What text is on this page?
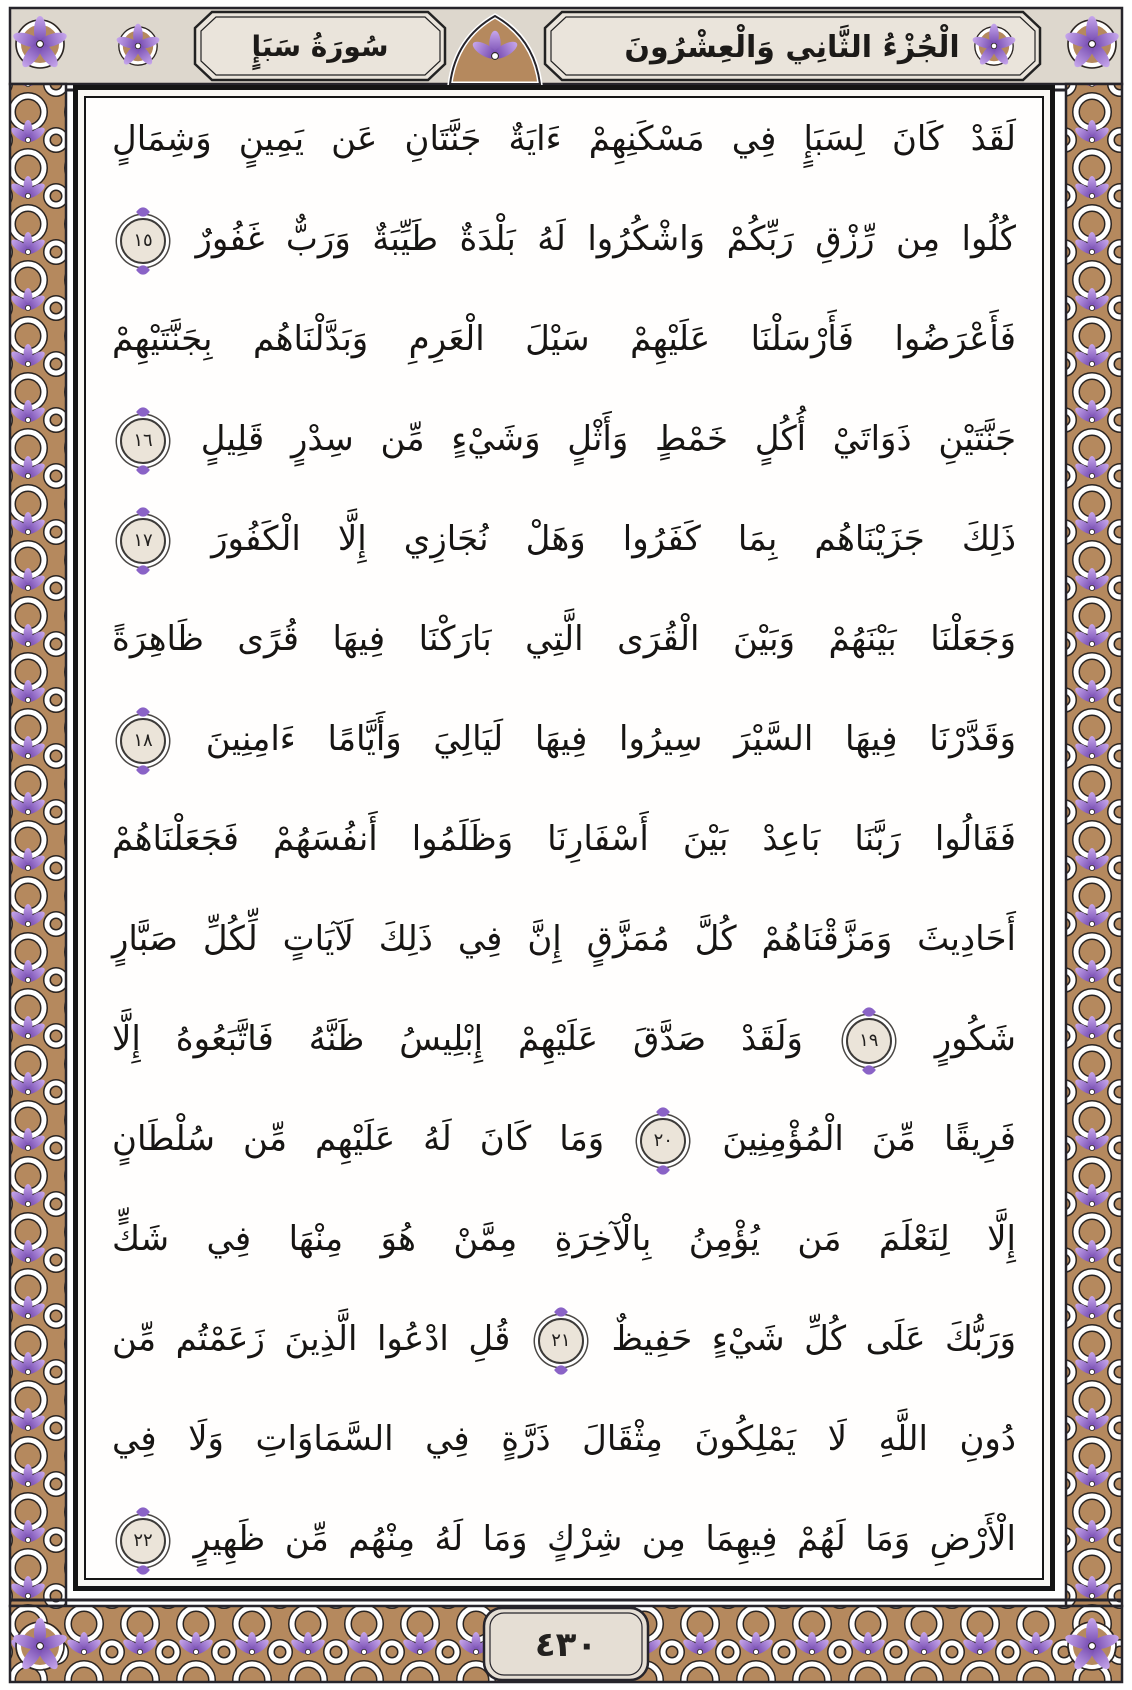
الْجُزْءُ الثَّانِي وَالْعِشْرُونَ
سُورَةُ سَبَإٍ
٤٣٠
لَقَدْ كَانَ لِسَبَإٍ فِي مَسْكَنِهِمْ ءَايَةٌ جَنَّتَانِ عَن يَمِينٍ وَشِمَالٍ
كُلُوا مِن رِّزْقِ رَبِّكُمْ وَاشْكُرُوا لَهُ بَلْدَةٌ طَيِّبَةٌ وَرَبٌّ غَفُورٌ ١٥
فَأَعْرَضُوا فَأَرْسَلْنَا عَلَيْهِمْ سَيْلَ الْعَرِمِ وَبَدَّلْنَاهُم بِجَنَّتَيْهِمْ
جَنَّتَيْنِ ذَوَاتَيْ أُكُلٍ خَمْطٍ وَأَثْلٍ وَشَيْءٍ مِّن سِدْرٍ قَلِيلٍ ١٦
ذَلِكَ جَزَيْنَاهُم بِمَا كَفَرُوا وَهَلْ نُجَازِي إِلَّا الْكَفُورَ ١٧
وَجَعَلْنَا بَيْنَهُمْ وَبَيْنَ الْقُرَى الَّتِي بَارَكْنَا فِيهَا قُرًى ظَاهِرَةً
وَقَدَّرْنَا فِيهَا السَّيْرَ سِيرُوا فِيهَا لَيَالِيَ وَأَيَّامًا ءَامِنِينَ ١٨
فَقَالُوا رَبَّنَا بَاعِدْ بَيْنَ أَسْفَارِنَا وَظَلَمُوا أَنفُسَهُمْ فَجَعَلْنَاهُمْ
أَحَادِيثَ وَمَزَّقْنَاهُمْ كُلَّ مُمَزَّقٍ إِنَّ فِي ذَلِكَ لَآيَاتٍ لِّكُلِّ صَبَّارٍ
شَكُورٍ ١٩ وَلَقَدْ صَدَّقَ عَلَيْهِمْ إِبْلِيسُ ظَنَّهُ فَاتَّبَعُوهُ إِلَّا
فَرِيقًا مِّنَ الْمُؤْمِنِينَ ٢٠ وَمَا كَانَ لَهُ عَلَيْهِم مِّن سُلْطَانٍ
إِلَّا لِنَعْلَمَ مَن يُؤْمِنُ بِالْآخِرَةِ مِمَّنْ هُوَ مِنْهَا فِي شَكٍّ
وَرَبُّكَ عَلَى كُلِّ شَيْءٍ حَفِيظٌ ٢١ قُلِ ادْعُوا الَّذِينَ زَعَمْتُم مِّن
دُونِ اللَّهِ لَا يَمْلِكُونَ مِثْقَالَ ذَرَّةٍ فِي السَّمَاوَاتِ وَلَا فِي
الْأَرْضِ وَمَا لَهُمْ فِيهِمَا مِن شِرْكٍ وَمَا لَهُ مِنْهُم مِّن ظَهِيرٍ ٢٢
